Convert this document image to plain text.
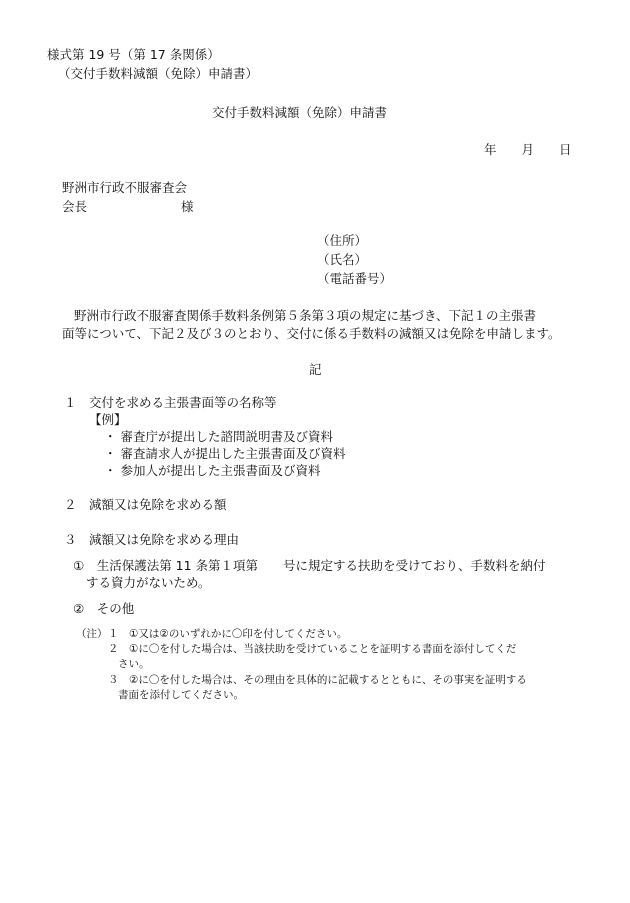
様式第 19 号（第 17 条関係）
（交付手数料減額（免除）申請書）
交付手数料減額（免除）申請書
年　　月　　日
野洲市行政不服審査会
会長	様
（住所）
（氏名）
（電話番号）
野洲市行政不服審査関係手数料条例第５条第３項の規定に基づき、下記１の主張書
面等について、下記２及び３のとおり、交付に係る手数料の減額又は免除を申請します。
記
１　交付を求める主張書面等の名称等
【例】
・ 審査庁が提出した諮問説明書及び資料
・ 審査請求人が提出した主張書面及び資料
・ 参加人が提出した主張書面及び資料
２　減額又は免除を求める額
３　減額又は免除を求める理由
①　生活保護法第 11 条第１項第　　号に規定する扶助を受けており、手数料を納付
する資力がないため。
②　その他
（注） １　①又は②のいずれかに〇印を付してください。
２　①に〇を付した場合は、当該扶助を受けていることを証明する書面を添付してくだ
さい。
３　②に〇を付した場合は、その理由を具体的に記載するとともに、その事実を証明する
書面を添付してください。
